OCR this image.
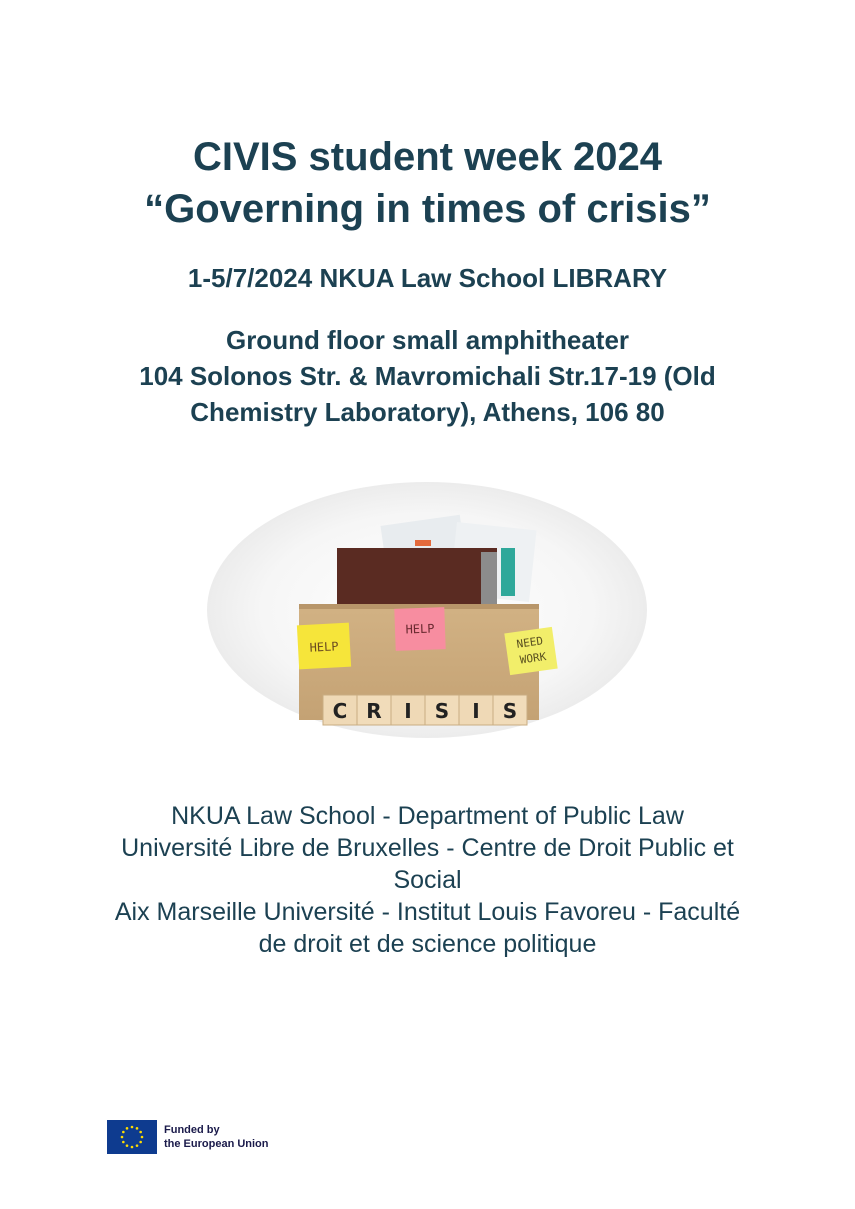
CIVIS student week 2024
“Governing in times of crisis”
1-5/7/2024 NKUA Law School LIBRARY
Ground floor small amphitheater
104 Solonos Str. & Mavromichali Str.17-19 (Old
Chemistry Laboratory), Athens, 106 80
HELP
HELP
NEED
WORK
C R I S I S
NKUA Law School - Department of Public Law
Université Libre de Bruxelles - Centre de Droit Public et
Social
Aix Marseille Université - Institut Louis Favoreu - Faculté
de droit et de science politique
Funded by
the European Union
